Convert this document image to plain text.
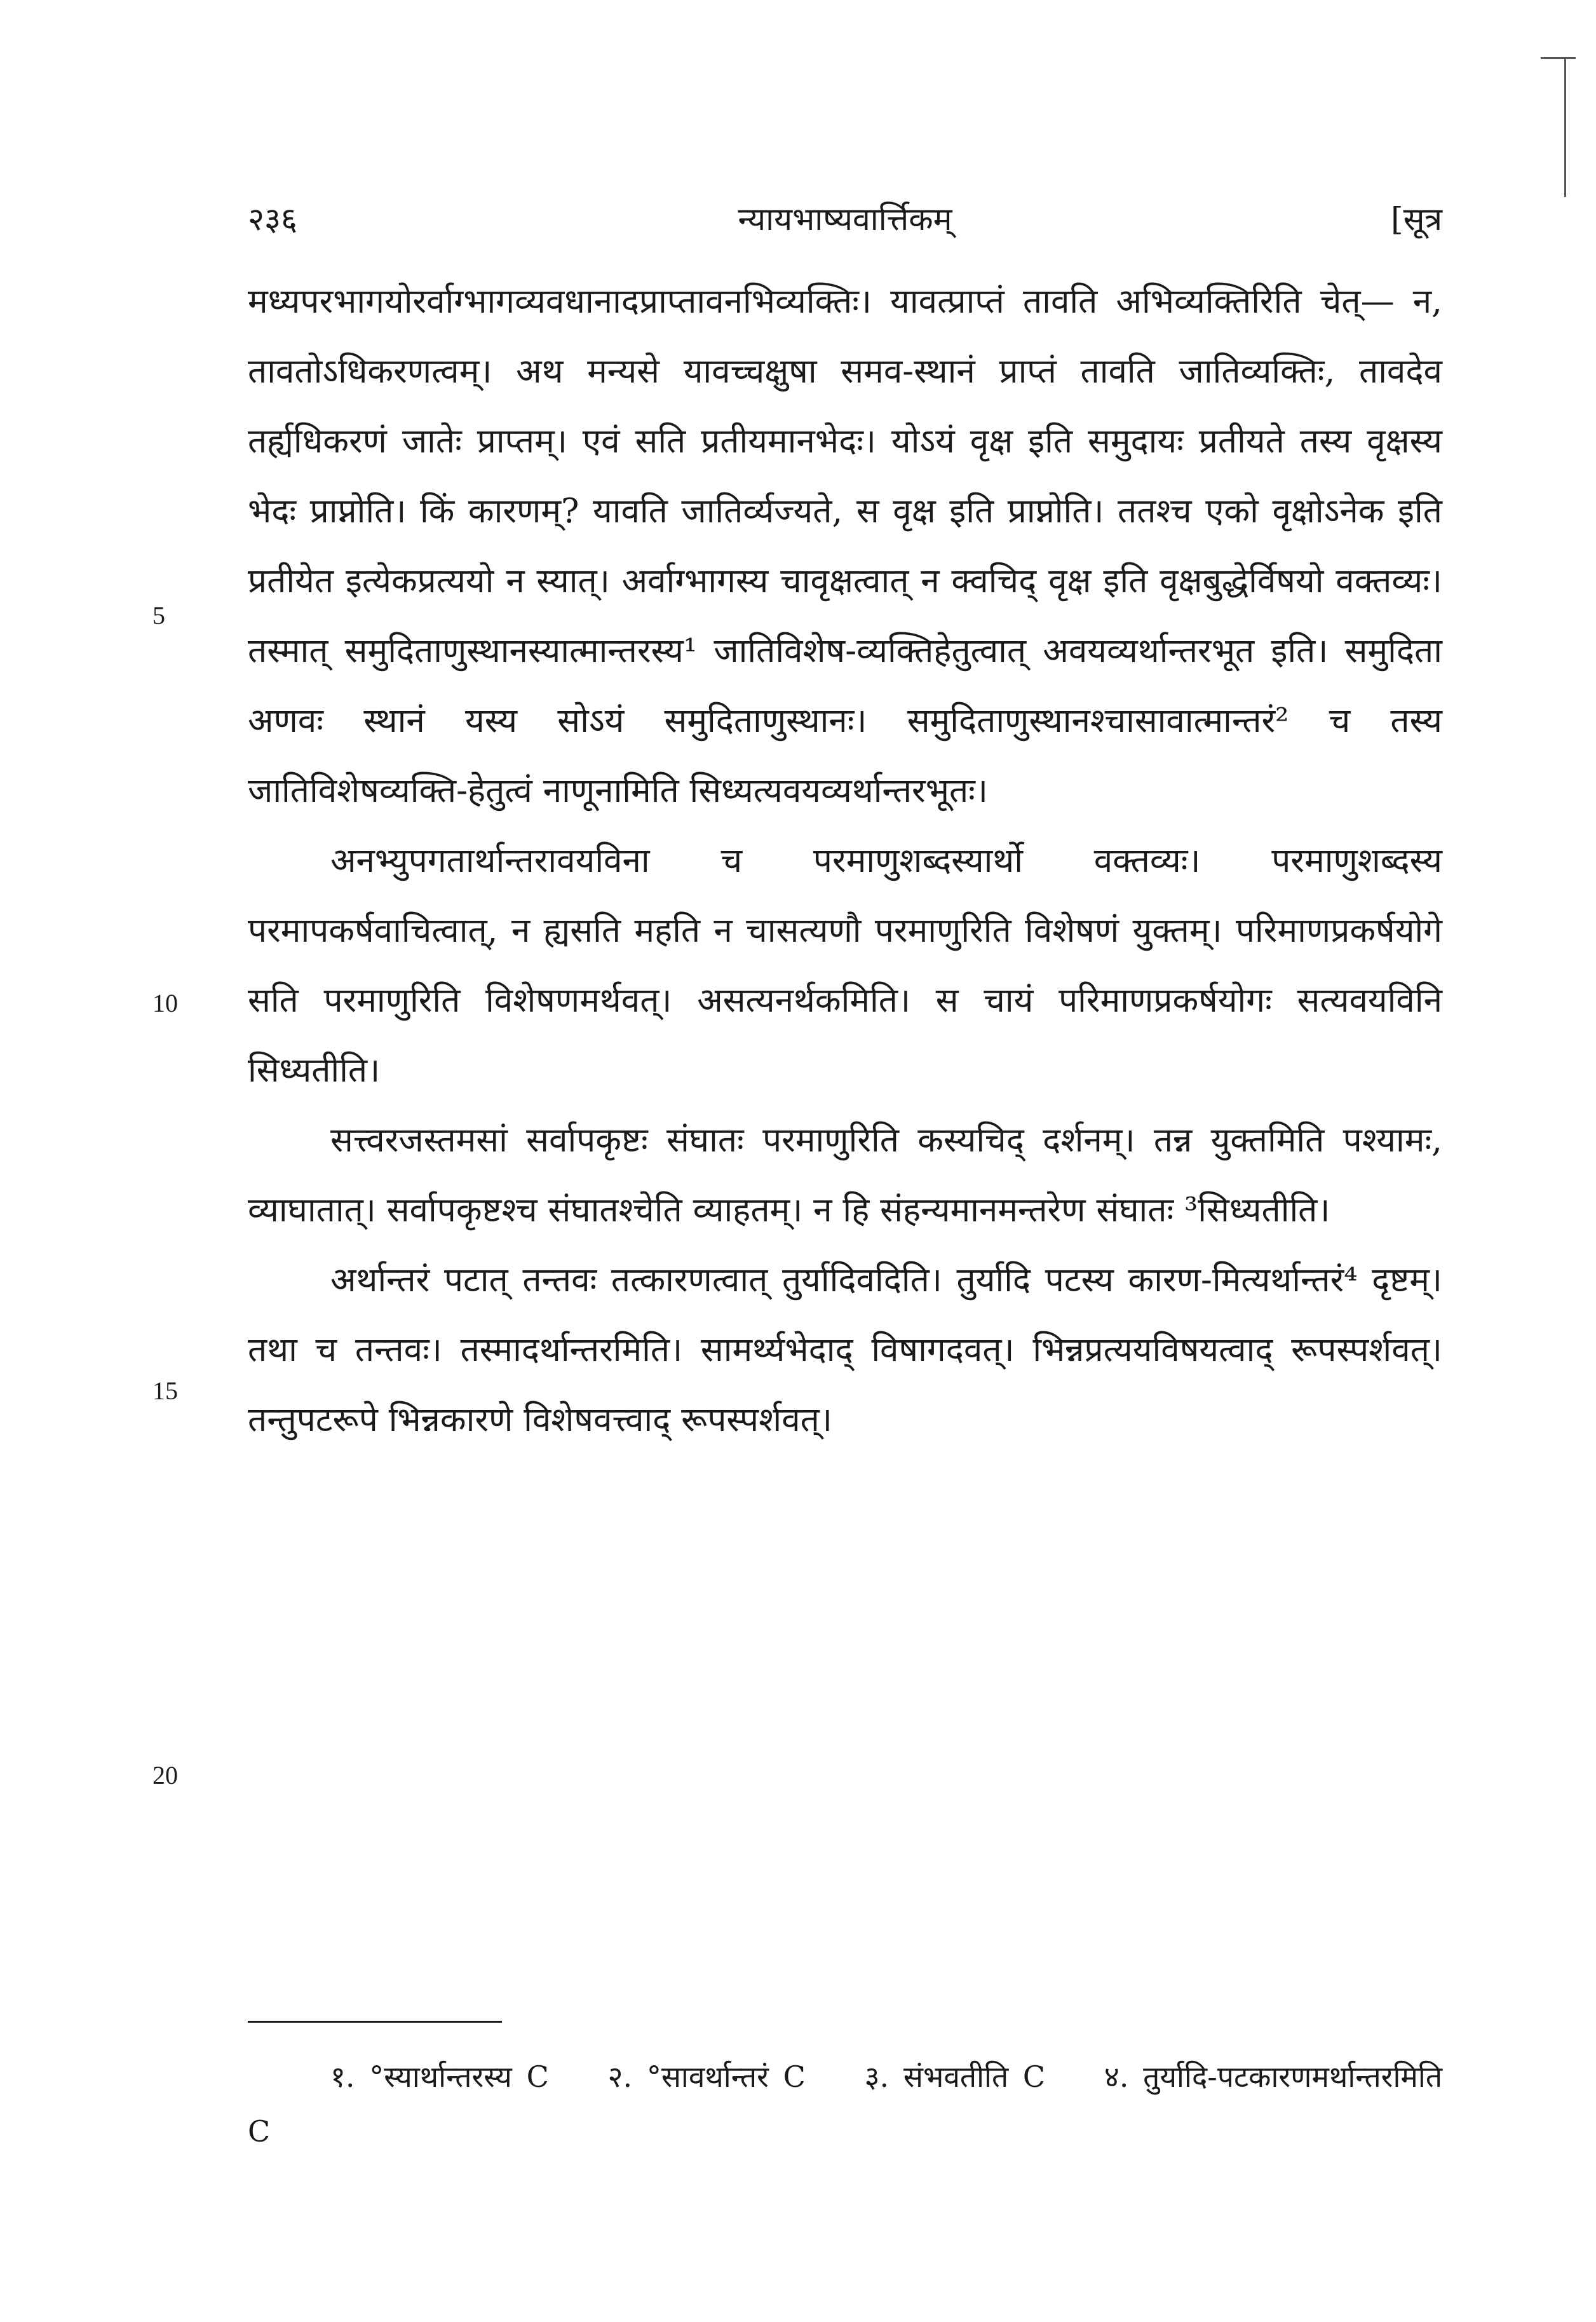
२३६	न्यायभाष्यवार्त्तिकम्	[सूत्र
5
10
15
20

मध्यपरभागयोरर्वाग्भागव्यवधानादप्राप्तावनभिव्यक्तिः। यावत्प्राप्तं तावति अभिव्यक्तिरिति चेत्— न, तावतोऽधिकरणत्वम्। अथ मन्यसे यावच्चक्षुषा समव-स्थानं प्राप्तं तावति जातिव्यक्तिः, तावदेव तर्ह्यधिकरणं जातेः प्राप्तम्। एवं सति प्रतीयमानभेदः। योऽयं वृक्ष इति समुदायः प्रतीयते तस्य वृक्षस्य भेदः प्राप्नोति। किं कारणम्? यावति जातिर्व्यज्यते, स वृक्ष इति प्राप्नोति। ततश्च एको वृक्षोऽनेक इति प्रतीयेत इत्येकप्रत्ययो न स्यात्। अर्वाग्भागस्य चावृक्षत्वात् न क्वचिद् वृक्ष इति वृक्षबुद्धेर्विषयो वक्तव्यः। तस्मात् समुदिताणुस्थानस्यात्मान्तरस्य¹ जातिविशेष-व्यक्तिहेतुत्वात् अवयव्यर्थान्तरभूत इति। समुदिता अणवः स्थानं यस्य सोऽयं समुदिताणुस्थानः। समुदिताणुस्थानश्चासावात्मान्तरं² च तस्य जातिविशेषव्यक्ति-हेतुत्वं नाणूनामिति सिध्यत्यवयव्यर्थान्तरभूतः।

अनभ्युपगतार्थान्तरावयविना च परमाणुशब्दस्यार्थो वक्तव्यः। परमाणुशब्दस्य परमापकर्षवाचित्वात्, न ह्यसति महति न चासत्यणौ परमाणुरिति विशेषणं युक्तम्। परिमाणप्रकर्षयोगे सति परमाणुरिति विशेषणमर्थवत्। असत्यनर्थकमिति। स चायं परिमाणप्रकर्षयोगः सत्यवयविनि सिध्यतीति।

सत्त्वरजस्तमसां सर्वापकृष्टः संघातः परमाणुरिति कस्यचिद् दर्शनम्। तन्न युक्तमिति पश्यामः, व्याघातात्। सर्वापकृष्टश्च संघातश्चेति व्याहतम्। न हि संहन्यमानमन्तरेण संघातः ³सिध्यतीति।

अर्थान्तरं पटात् तन्तवः तत्कारणत्वात् तुर्यादिवदिति। तुर्यादि पटस्य कारण-मित्यर्थान्तरं⁴ दृष्टम्। तथा च तन्तवः। तस्मादर्थान्तरमिति। सामर्थ्यभेदाद् विषागदवत्। भिन्नप्रत्ययविषयत्वाद् रूपस्पर्शवत्। तन्तुपटरूपे भिन्नकारणे विशेषवत्त्वाद् रूपस्पर्शवत्।

१. °स्यार्थान्तरस्य C २. °सावर्थान्तरं C ३. संभवतीति C ४. तुर्यादि-पटकारणमर्थान्तरमिति C
